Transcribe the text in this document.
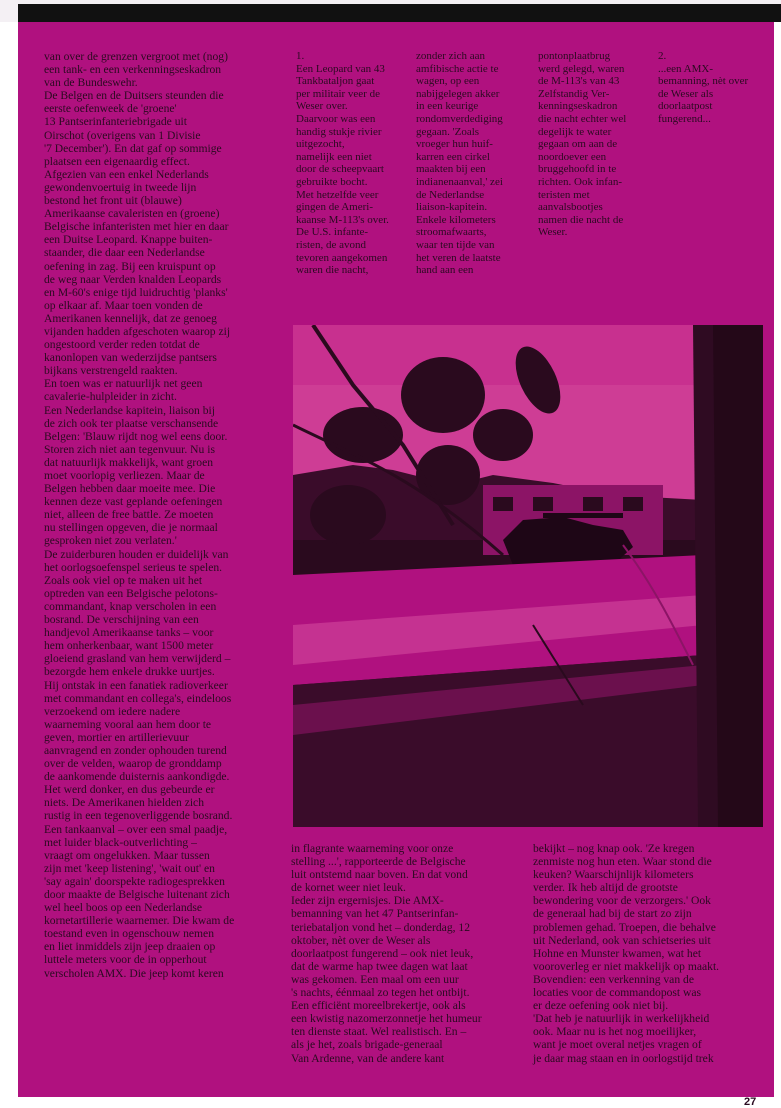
van over de grenzen vergroot met (nog)
een tank- en een verkenningseskadron
van de Bundeswehr.
De Belgen en de Duitsers steunden die
eerste oefenweek de 'groene'
13 Pantserinfanteriebrigade uit
Oirschot (overigens van 1 Divisie
'7 December'). En dat gaf op sommige
plaatsen een eigenaardig effect.
Afgezien van een enkel Nederlands
gewondenvoertuig in tweede lijn
bestond het front uit (blauwe)
Amerikaanse cavaleristen en (groene)
Belgische infanteristen met hier en daar
een Duitse Leopard. Knappe buiten-
staander, die daar een Nederlandse
oefening in zag. Bij een kruispunt op
de weg naar Verden knalden Leopards
en M-60's enige tijd luidruchtig 'planks'
op elkaar af. Maar toen vonden de
Amerikanen kennelijk, dat ze genoeg
vijanden hadden afgeschoten waarop zij
ongestoord verder reden totdat de
kanonlopen van wederzijdse pantsers
bijkans verstrengeld raakten.
En toen was er natuurlijk net geen
cavalerie-hulpleider in zicht.
Een Nederlandse kapitein, liaison bij
de zich ook ter plaatse verschansende
Belgen: 'Blauw rijdt nog wel eens door.
Storen zich niet aan tegenvuur. Nu is
dat natuurlijk makkelijk, want groen
moet voorlopig verliezen. Maar de
Belgen hebben daar moeite mee. Die
kennen deze vast geplande oefeningen
niet, alleen de free battle. Ze moeten
nu stellingen opgeven, die je normaal
gesproken niet zou verlaten.'
De zuiderburen houden er duidelijk van
het oorlogsoefenspel serieus te spelen.
Zoals ook viel op te maken uit het
optreden van een Belgische pelotons-
commandant, knap verscholen in een
bosrand. De verschijning van een
handjevol Amerikaanse tanks – voor
hem onherkenbaar, want 1500 meter
gloeiend grasland van hem verwijderd –
bezorgde hem enkele drukke uurtjes.
Hij ontstak in een fanatiek radioverkeer
met commandant en collega's, eindeloos
verzoekend om iedere nadere
waarneming vooral aan hem door te
geven, mortier en artillerievuur
aanvragend en zonder ophouden turend
over de velden, waarop de gronddamp
de aankomende duisternis aankondigde.
Het werd donker, en dus gebeurde er
niets. De Amerikanen hielden zich
rustig in een tegenoverliggende bosrand.
Een tankaanval – over een smal paadje,
met luider black-outverlichting –
vraagt om ongelukken. Maar tussen
zijn met 'keep listening', 'wait out' en
'say again' doorspekte radiogesprekken
door maakte de Belgische luitenant zich
wel heel boos op een Nederlandse
kornetartillerie waarnemer. Die kwam de
toestand even in ogenschouw nemen
en liet inmiddels zijn jeep draaien op
luttele meters voor de in opperhout
verscholen AMX. Die jeep komt keren
1.
Een Leopard van 43
Tankbataljon gaat
per militair veer de
Weser over.
Daarvoor was een
handig stukje rivier
uitgezocht,
namelijk een niet
door de scheepvaart
gebruikte bocht.
Met hetzelfde veer
gingen de Ameri-
kaanse M-113's over.
De U.S. infante-
risten, de avond
tevoren aangekomen
waren die nacht,
zonder zich aan
amfibische actie te
wagen, op een
nabijgelegen akker
in een keurige
rondomverdediging
gegaan. 'Zoals
vroeger hun huif-
karren een cirkel
maakten bij een
indianenaanval,' zei
de Nederlandse
liaison-kapitein.
Enkele kilometers
stroomafwaarts,
waar ten tijde van
het veren de laatste
hand aan een
pontonplaatbrug
werd gelegd, waren
de M-113's van 43
Zelfstandig Ver-
kenningseskadron
die nacht echter wel
degelijk te water
gegaan om aan de
noordoever een
bruggehoofd in te
richten. Ook infan-
teristen met
aanvalsbootjes
namen die nacht de
Weser.
2.
...een AMX-
bemanning, nèt over
de Weser als
doorlaatpost
fungerend...
in flagrante waarneming voor onze
stelling ...', rapporteerde de Belgische
luit ontstemd naar boven. En dat vond
de kornet weer niet leuk.
Ieder zijn ergernisjes. Die AMX-
bemanning van het 47 Pantserinfan-
teriebataljon vond het – donderdag, 12
oktober, nèt over de Weser als
doorlaatpost fungerend – ook niet leuk,
dat de warme hap twee dagen wat laat
was gekomen. Een maal om een uur
's nachts, éénmaal zo tegen het ontbijt.
Een efficiënt moreelbrekertje, ook als
een kwistig nazomerzonnetje het humeur
ten dienste staat. Wel realistisch. En –
als je het, zoals brigade-generaal
Van Ardenne, van de andere kant
bekijkt – nog knap ook. 'Ze kregen
zenmiste nog hun eten. Waar stond die
keuken? Waarschijnlijk kilometers
verder. Ik heb altijd de grootste
bewondering voor de verzorgers.' Ook
de generaal had bij de start zo zijn
problemen gehad. Troepen, die behalve
uit Nederland, ook van schietseries uit
Hohne en Munster kwamen, wat het
vooroverleg er niet makkelijk op maakt.
Bovendien: een verkenning van de
locaties voor de commandopost was
er deze oefening ook niet bij.
'Dat heb je natuurlijk in werkelijkheid
ook. Maar nu is het nog moeilijker,
want je moet overal netjes vragen of
je daar mag staan en in oorlogstijd trek
27
